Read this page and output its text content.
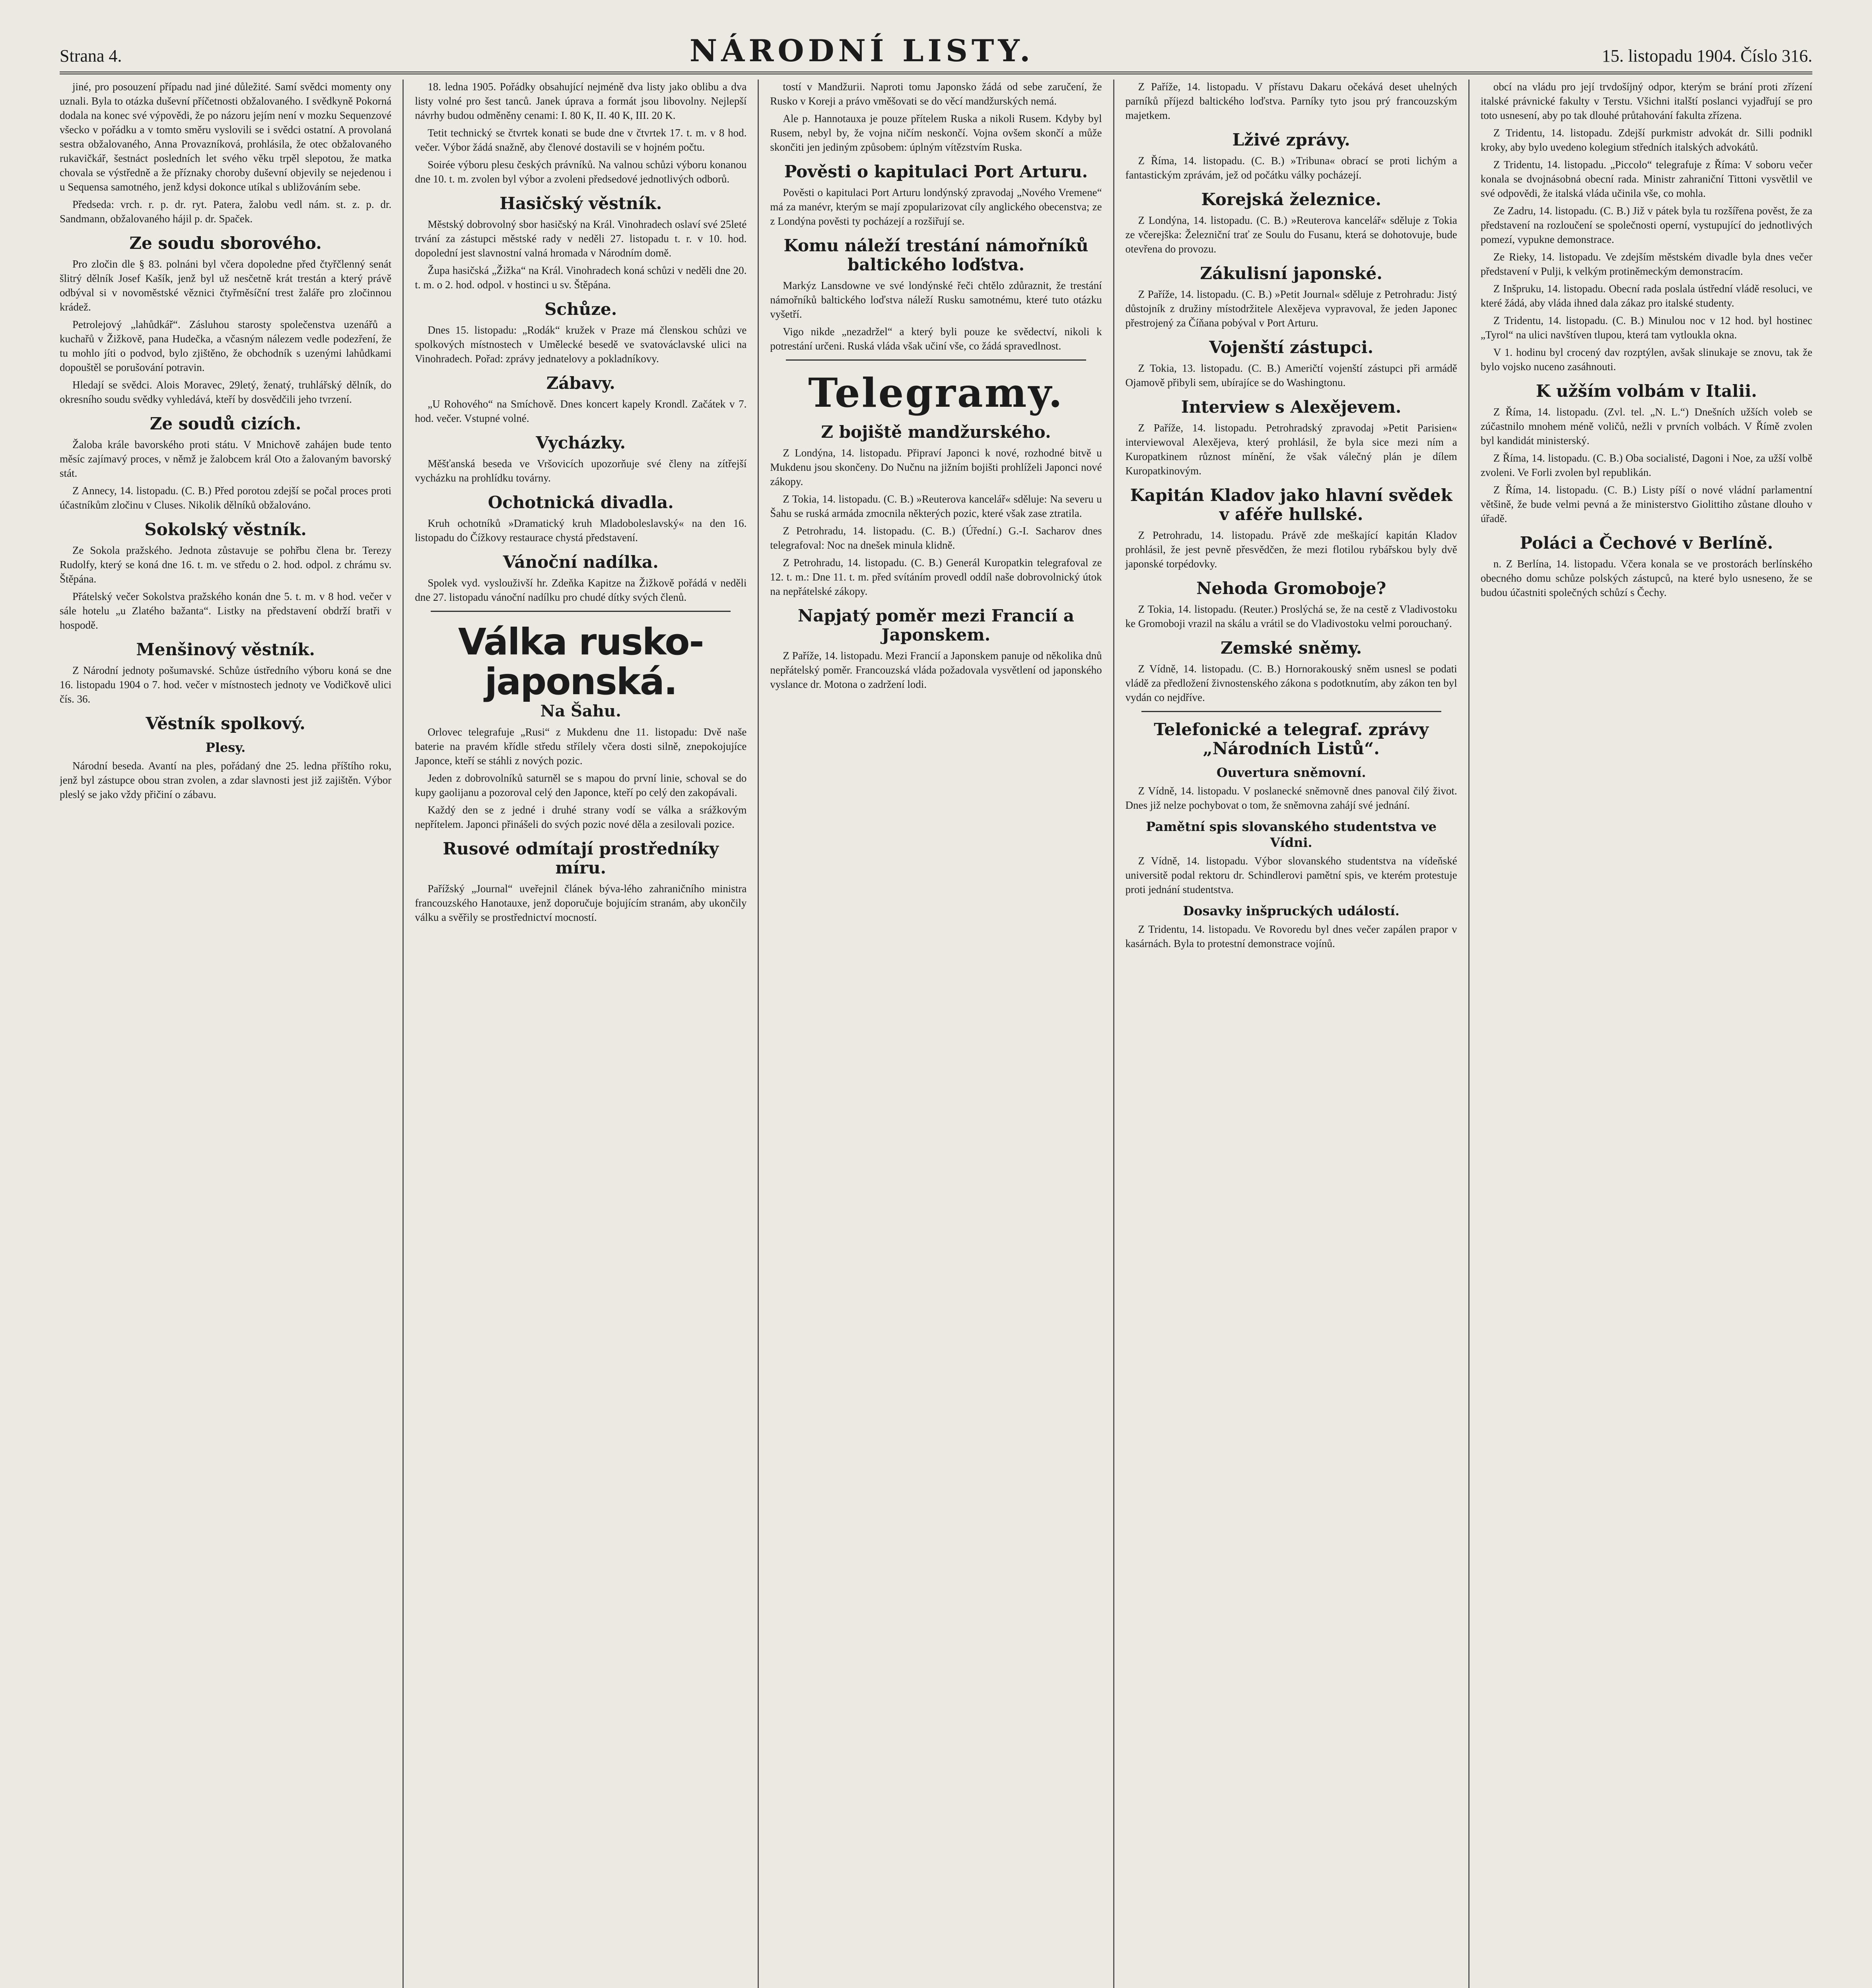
Strana 4.	NÁRODNÍ LISTY.	15. listopadu 1904. Číslo 316.

jiné, pro posouzení případu nad jiné důležité. Samí svědci momenty ony uznali. Byla to otázka duševní příčetnosti obžalovaného. I svědkyně Pokorná dodala na konec své výpovědi, že po názoru jejím není v mozku Sequenzové všecko v pořádku a v tomto směru vyslovili se i svědci ostatní. A provolaná sestra obžalovaného, Anna Provazníková, prohlásila, že otec obžalovaného rukavičkář, šestnáct posledních let svého věku trpěl slepotou, že matka chovala se výstředně a že příznaky choroby duševní objevily se nejedenou i u Sequensa samotného, jenž kdysi dokonce utíkal s ubližováním sebe.

Předseda: vrch. r. p. dr. ryt. Patera, žalobu vedl nám. st. z. p. dr. Sandmann, obžalovaného hájil p. dr. Spaček.

Ze soudu sborového.

Pro zločin dle § 83. polnáni byl včera dopoledne před čtyřčlenný senát šlitrý dělník Josef Kašík, jenž byl už nesčetně krát trestán a který právě odbýval si v novoměstské věznici čtyřměsíční trest žaláře pro zločinnou krádež.

Petrolejový „lahůdkář“. Zásluhou starosty společenstva uzenářů a kuchařů v Žižkově, pana Hudečka, a včasným nálezem vedle podezření, že tu mohlo jíti o podvod, bylo zjištěno, že obchodník s uzenými lahůdkami dopouštěl se porušování potravin.

Hledají se svědci. Alois Moravec, 29letý, ženatý, truhlářský dělník, do okresního soudu svědky vyhledává, kteří by dosvědčili jeho tvrzení.

Ze soudů cizích.

Žaloba krále bavorského proti státu. V Mnichově zahájen bude tento měsíc zajímavý proces, v němž je žalobcem král Oto a žalovaným bavorský stát.

Z Annecy, 14. listopadu. (C. B.) Před porotou zdejší se počal proces proti účastníkům zločinu v Cluses. Nikolik dělníků obžalováno.

Sokolský věstník.

Ze Sokola pražského. Jednota zůstavuje se pohřbu člena br. Terezy Rudolfy, který se koná dne 16. t. m. ve středu o 2. hod. odpol. z chrámu sv. Štěpána.

Přátelský večer Sokolstva pražského konán dne 5. t. m. v 8 hod. večer v sále hotelu „u Zlatého bažanta“. Listky na představení obdrží bratři v hospodě.

Menšinový věstník.

Z Národní jednoty pošumavské. Schůze ústředního výboru koná se dne 16. listopadu 1904 o 7. hod. večer v místnostech jednoty ve Vodičkově ulici čís. 36.

Věstník spolkový.
Plesy.

Národní beseda. Avantí na ples, pořádaný dne 25. ledna příštího roku, jenž byl zástupce obou stran zvolen, a zdar slavnosti jest již zajištěn. Výbor pleslý se jako vždy přičiní o zábavu.

18. ledna 1905. Pořádky obsahující nejméně dva listy jako oblibu a dva listy volné pro šest tanců. Janek úprava a formát jsou libovolny. Nejlepší návrhy budou odměněny cenami: I. 80 K, II. 40 K, III. 20 K.

Tetit technický se čtvrtek konati se bude dne v čtvrtek 17. t. m. v 8 hod. večer. Výbor žádá snažně, aby členové dostavili se v hojném počtu.

Soirée výboru plesu českých právníků. Na valnou schůzi výboru konanou dne 10. t. m. zvolen byl výbor a zvoleni předsedové jednotlivých odborů.

Hasičský věstník.

Městský dobrovolný sbor hasičský na Král. Vinohradech oslaví své 25leté trvání za zástupci městské rady v neděli 27. listopadu t. r. v 10. hod. dopolední jest slavnostní valná hromada v Národním domě.

Župa hasičská „Žižka“ na Král. Vinohradech koná schůzi v neděli dne 20. t. m. o 2. hod. odpol. v hostinci u sv. Štěpána.

Schůze.

Dnes 15. listopadu: „Rodák“ kružek v Praze má členskou schůzi ve spolkových místnostech v Umělecké besedě ve svatováclavské ulici na Vinohradech. Pořad: zprávy jednatelovy a pokladníkovy.

Zábavy.

„U Rohového“ na Smíchově. Dnes koncert kapely Krondl. Začátek v 7. hod. večer. Vstupné volné.

Vycházky.

Měšťanská beseda ve Vršovicích upozorňuje své členy na zítřejší vycházku na prohlídku továrny.

Ochotnická divadla.

Kruh ochotníků »Dramatický kruh Mladoboleslavský« na den 16. listopadu do Čížkovy restaurace chystá představení.

Vánoční nadílka.

Spolek vyd. vyslouživší hr. Zdeňka Kapitze na Žižkově pořádá v neděli dne 27. listopadu vánoční nadílku pro chudé dítky svých členů.

Válka rusko-japonská.
Na Šahu.

Orlovec telegrafuje „Rusi“ z Mukdenu dne 11. listopadu: Dvě naše baterie na pravém křídle středu střílely včera dosti silně, znepokojujíce Japonce, kteří se stáhli z nových pozic.

Jeden z dobrovolníků saturněl se s mapou do první linie, schoval se do kupy gaolijanu a pozoroval celý den Japonce, kteří po celý den zakopávali.

Každý den se z jedné i druhé strany vodí se válka a srážkovým nepřítelem. Japonci přinášeli do svých pozic nové děla a zesilovali pozice.

Rusové odmítají prostředníky míru.

Pařížský „Journal“ uveřejnil článek býva-lého zahraničního ministra francouzského Hanotauxe, jenž doporučuje bojujícím stranám, aby ukončily válku a svěřily se prostřednictví mocností.

tostí v Mandžurii. Naproti tomu Japonsko žádá od sebe zaručení, že Rusko v Koreji a právo vměšovati se do věcí mandžurských nemá.

Ale p. Hannotauxa je pouze přítelem Ruska a nikoli Rusem. Kdyby byl Rusem, nebyl by, že vojna ničím neskončí. Vojna ovšem skončí a může skončiti jen jediným způsobem: úplným vítězstvím Ruska.

Pověsti o kapitulaci Port Arturu.

Pověsti o kapitulaci Port Arturu londýnský zpravodaj „Nového Vremene“ má za manévr, kterým se mají zpopularizovat cíly anglického obecenstva; ze z Londýna pověsti ty pocházejí a rozšiřují se.

Komu náleží trestání námořníků baltického loďstva.

Markýz Lansdowne ve své londýnské řeči chtělo zdůraznit, že trestání námořníků baltického loďstva náleží Rusku samotnému, které tuto otázku vyšetří.

Vigo nikde „nezadržel“ a který byli pouze ke svědectví, nikoli k potrestání určeni. Ruská vláda však učiní vše, co žádá spravedlnost.

Telegramy.
Z bojiště mandžurského.

Z Londýna, 14. listopadu. Připraví Japonci k nové, rozhodné bitvě u Mukdenu jsou skončeny. Do Nučnu na jižním bojišti prohlíželi Japonci nové zákopy.

Z Tokia, 14. listopadu. (C. B.) »Reuterova kancelář« sděluje: Na severu u Šahu se ruská armáda zmocnila některých pozic, které však zase ztratila.

Z Petrohradu, 14. listopadu. (C. B.) (Úřední.) G.-I. Sacharov dnes telegrafoval: Noc na dnešek minula klidně.

Z Petrohradu, 14. listopadu. (C. B.) Generál Kuropatkin telegrafoval ze 12. t. m.: Dne 11. t. m. před svítáním provedl oddíl naše dobrovolnický útok na nepřátelské zákopy.

Napjatý poměr mezi Francií a Japonskem.

Z Paříže, 14. listopadu. Mezi Francií a Japonskem panuje od několika dnů nepřátelský poměr. Francouzská vláda požadovala vysvětlení od japonského vyslance dr. Motona o zadržení lodi.

Z Paříže, 14. listopadu. V přístavu Dakaru očekává deset uhelných parníků příjezd baltického loďstva. Parníky tyto jsou prý francouzským majetkem.

Lživé zprávy.

Z Říma, 14. listopadu. (C. B.) »Tribuna« obrací se proti lichým a fantastickým zprávám, jež od počátku války pocházejí.

Korejská železnice.

Z Londýna, 14. listopadu. (C. B.) »Reuterova kancelář« sděluje z Tokia ze včerejška: Železniční trať ze Soulu do Fusanu, která se dohotovuje, bude otevřena do provozu.

Zákulisní japonské.

Z Paříže, 14. listopadu. (C. B.) »Petit Journal« sděluje z Petrohradu: Jistý důstojník z družiny místodržitele Alexějeva vypravoval, že jeden Japonec přestrojený za Číňana pobýval v Port Arturu.

Vojenští zástupci.

Z Tokia, 13. listopadu. (C. B.) Američtí vojenští zástupci při armádě Ojamově přibyli sem, ubírajíce se do Washingtonu.

Interview s Alexějevem.

Z Paříže, 14. listopadu. Petrohradský zpravodaj »Petit Parisien« interviewoval Alexějeva, který prohlásil, že byla sice mezi ním a Kuropatkinem různost mínění, že však válečný plán je dílem Kuropatkinovým.

Kapitán Kladov jako hlavní svědek v aféře hullské.

Z Petrohradu, 14. listopadu. Právě zde meškající kapitán Kladov prohlásil, že jest pevně přesvědčen, že mezi flotilou rybářskou byly dvě japonské torpédovky.

Nehoda Gromoboje?

Z Tokia, 14. listopadu. (Reuter.) Proslýchá se, že na cestě z Vladivostoku ke Gromoboji vrazil na skálu a vrátil se do Vladivostoku velmi porouchaný.

Zemské sněmy.

Z Vídně, 14. listopadu. (C. B.) Hornorakouský sněm usnesl se podati vládě za předložení živnostenského zákona s podotknutím, aby zákon ten byl vydán co nejdříve.

Telefonické a telegraf. zprávy „Národních Listů“.
Ouvertura sněmovní.

Z Vídně, 14. listopadu. V poslanecké sněmovně dnes panoval čilý život. Dnes již nelze pochybovat o tom, že sněmovna zahájí své jednání.

Pamětní spis slovanského studentstva ve Vídni.

Z Vídně, 14. listopadu. Výbor slovanského studentstva na vídeňské universitě podal rektoru dr. Schindlerovi pamětní spis, ve kterém protestuje proti jednání studentstva.

Dosavky inšpruckých událostí.

Z Tridentu, 14. listopadu. Ve Rovoredu byl dnes večer zapálen prapor v kasárnách. Byla to protestní demonstrace vojínů.

obcí na vládu pro její trvdošíjný odpor, kterým se brání proti zřízení italské právnické fakulty v Terstu. Všichni italští poslanci vyjadřují se pro toto usnesení, aby po tak dlouhé průtahování fakulta zřízena.

Z Tridentu, 14. listopadu. Zdejší purkmistr advokát dr. Silli podnikl kroky, aby bylo uvedeno kolegium středních italských advokátů.

Z Tridentu, 14. listopadu. „Piccolo“ telegrafuje z Říma: V soboru večer konala se dvojnásobná obecní rada. Ministr zahraniční Tittoni vysvětlil ve své odpovědi, že italská vláda učinila vše, co mohla.

Ze Zadru, 14. listopadu. (C. B.) Již v pátek byla tu rozšířena pověst, že za představení na rozloučení se společnosti operní, vystupující do jednotlivých pomezí, vypukne demonstrace.

Ze Rieky, 14. listopadu. Ve zdejším městském divadle byla dnes večer představení v Pulji, k velkým protiněmeckým demonstracím.

Z Inšpruku, 14. listopadu. Obecní rada poslala ústřední vládě resoluci, ve které žádá, aby vláda ihned dala zákaz pro italské studenty.

Z Tridentu, 14. listopadu. (C. B.) Minulou noc v 12 hod. byl hostinec „Tyrol“ na ulici navštíven tlupou, která tam vytloukla okna.

V 1. hodinu byl crocený dav rozptýlen, avšak slinukaje se znovu, tak že bylo vojsko nuceno zasáhnouti.

K užším volbám v Italii.

Z Říma, 14. listopadu. (Zvl. tel. „N. L.“) Dnešních užších voleb se zúčastnilo mnohem méně voličů, nežli v prvních volbách. V Římě zvolen byl kandidát ministerský.

Z Říma, 14. listopadu. (C. B.) Oba socialisté, Dagoni i Noe, za užší volbě zvoleni. Ve Forli zvolen byl republikán.

Z Říma, 14. listopadu. (C. B.) Listy píší o nové vládní parlamentní většině, že bude velmi pevná a že ministerstvo Giolittiho zůstane dlouho v úřadě.

Poláci a Čechové v Berlíně.

n. Z Berlína, 14. listopadu. Včera konala se ve prostorách berlínského obecného domu schůze polských zástupců, na které bylo usneseno, že se budou účastniti společných schůzí s Čechy.
